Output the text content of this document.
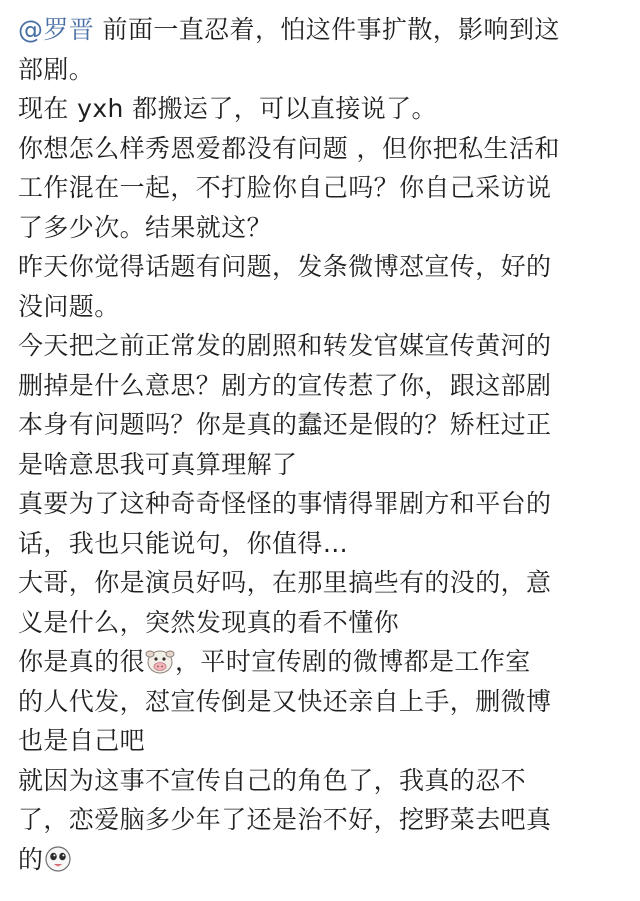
@罗晋 前面一直忍着，怕这件事扩散，影响到这
部剧。
现在 yxh 都搬运了，可以直接说了。
你想怎么样秀恩爱都没有问题 ，但你把私生活和
工作混在一起，不打脸你自己吗？你自己采访说
了多少次。结果就这？
昨天你觉得话题有问题，发条微博怼宣传，好的
没问题。
今天把之前正常发的剧照和转发官媒宣传黄河的
删掉是什么意思？剧方的宣传惹了你，跟这部剧
本身有问题吗？你是真的蠢还是假的？矫枉过正
是啥意思我可真算理解了
真要为了这种奇奇怪怪的事情得罪剧方和平台的
话，我也只能说句，你值得…
大哥，你是演员好吗，在那里搞些有的没的，意
义是什么，突然发现真的看不懂你
你是真的很 ，平时宣传剧的微博都是工作室
的人代发，怼宣传倒是又快还亲自上手，删微博
也是自己吧
就因为这事不宣传自己的角色了，我真的忍不
了，恋爱脑多少年了还是治不好，挖野菜去吧真
的
